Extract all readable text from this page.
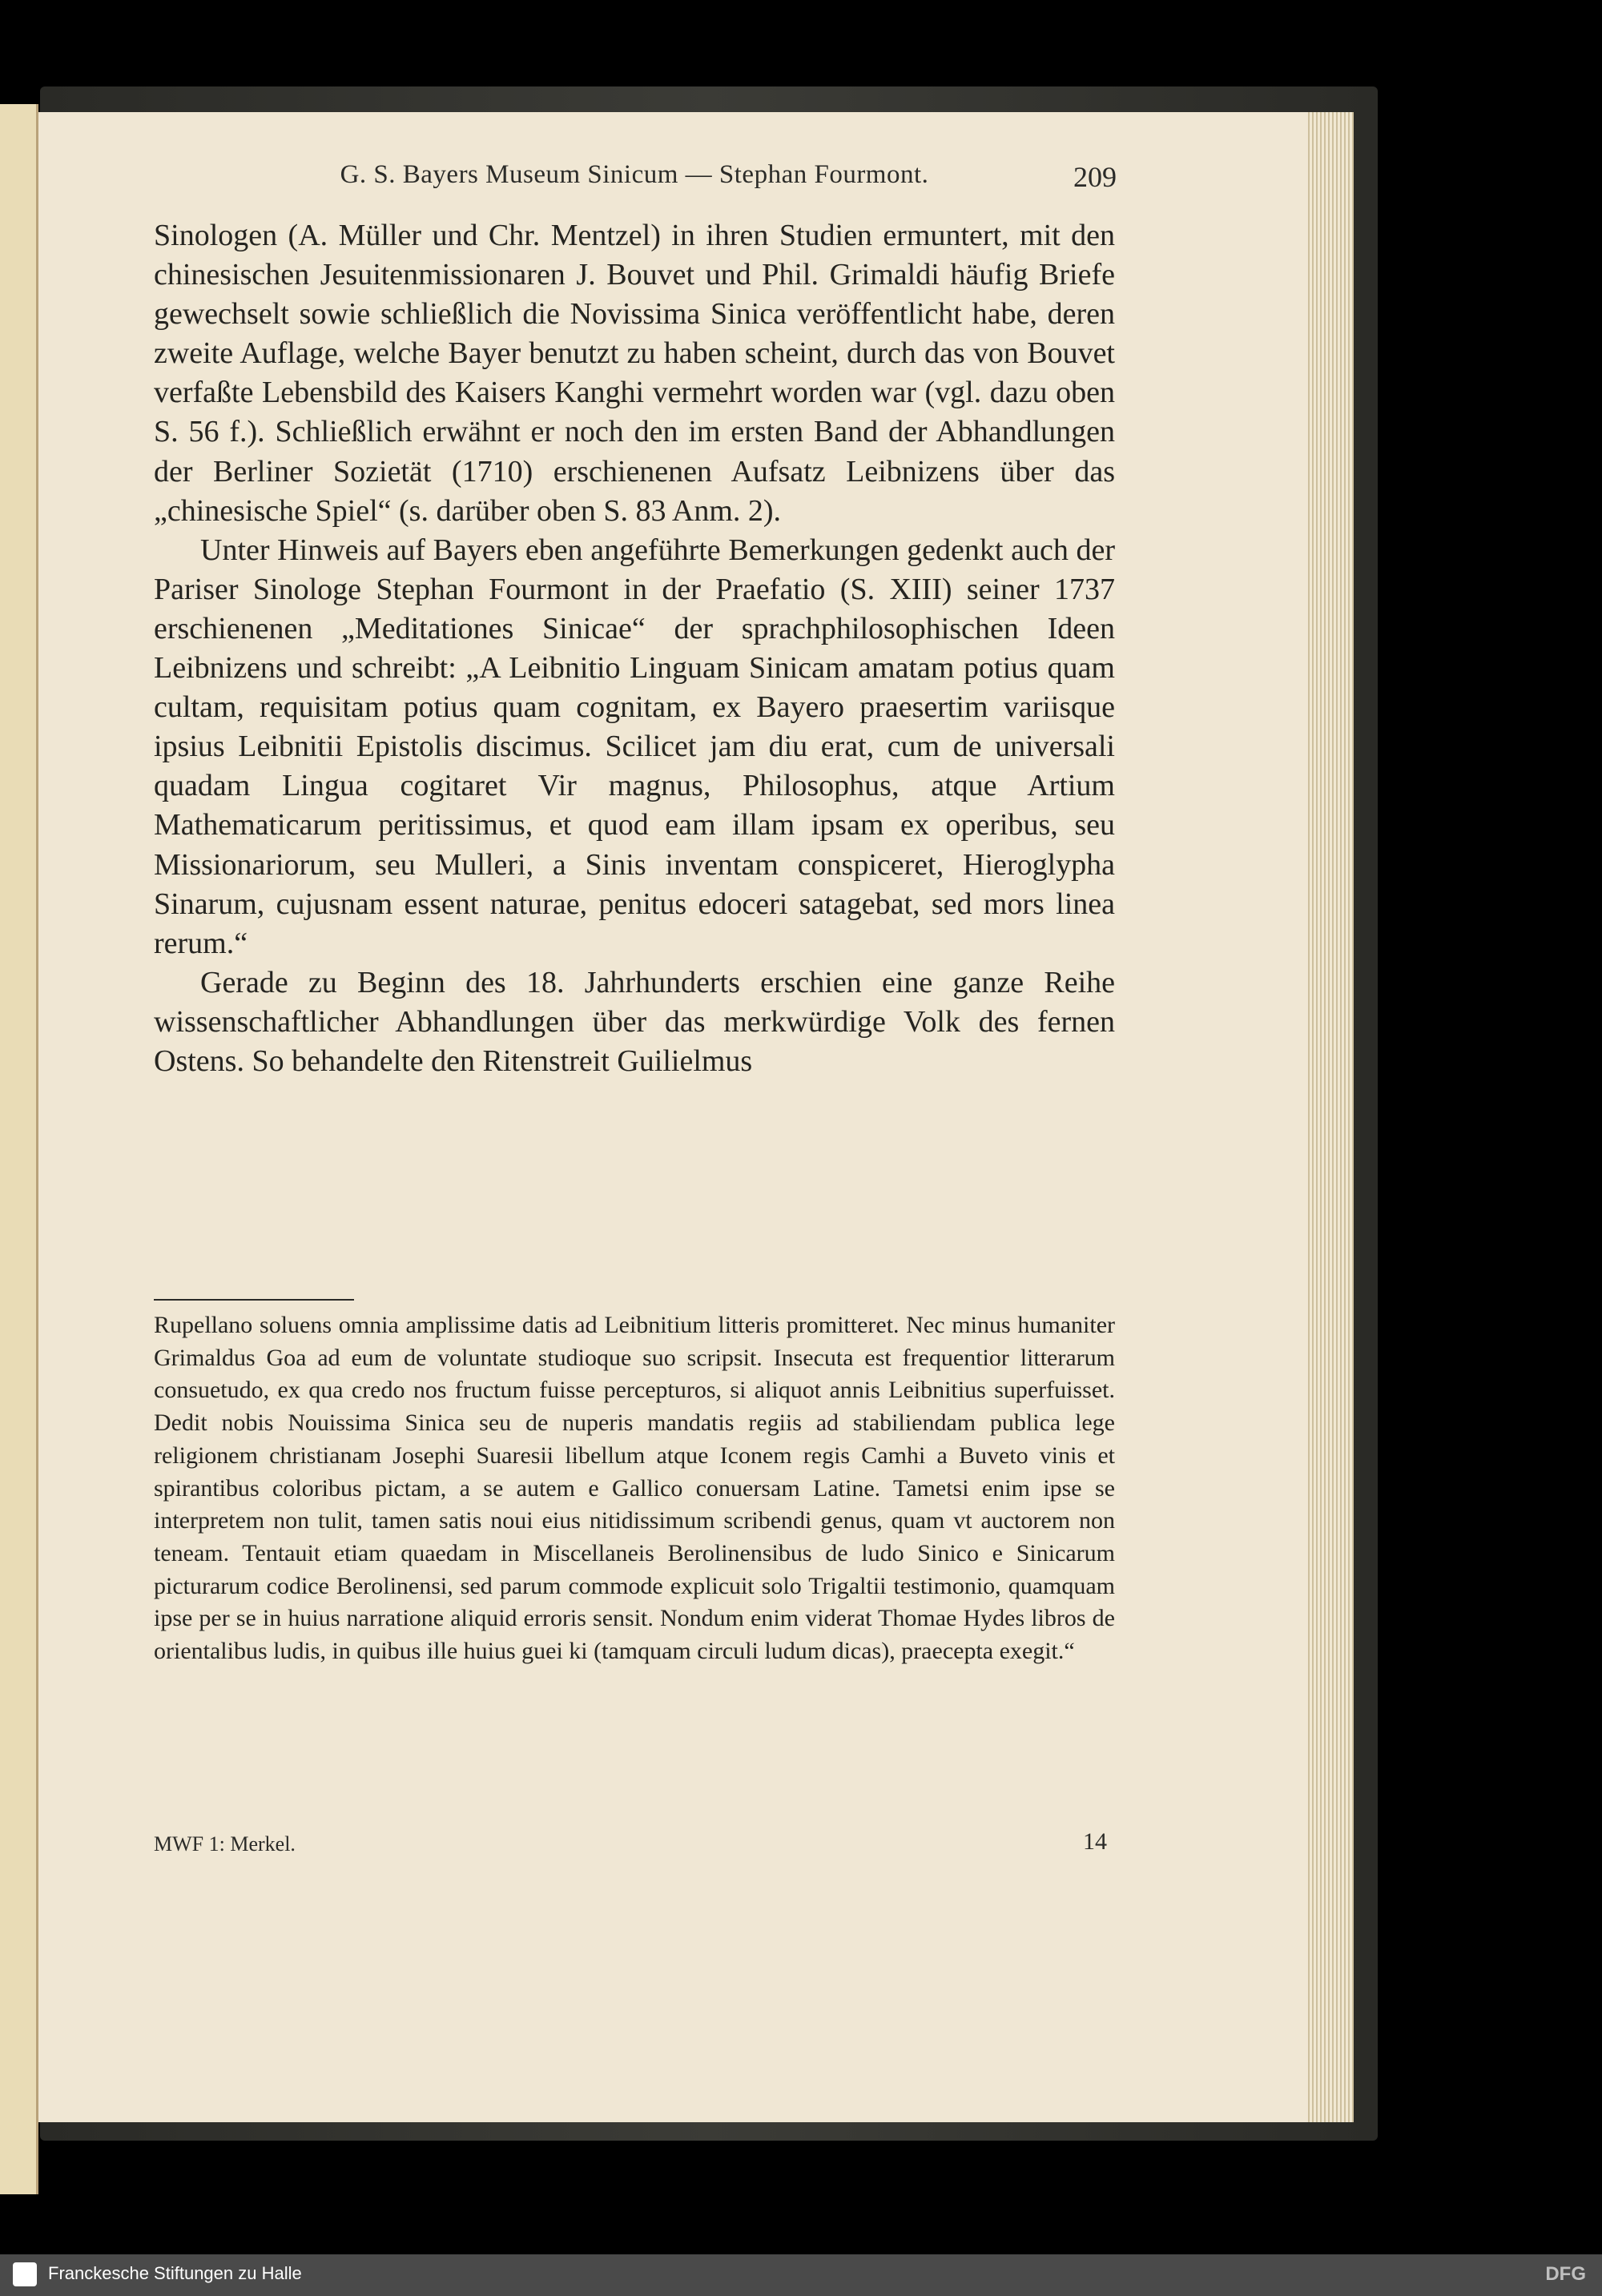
G. S. Bayers Museum Sinicum — Stephan Fourmont.	209

Sinologen (A. Müller und Chr. Mentzel) in ihren Studien ermuntert, mit den chinesischen Jesuitenmissionaren J. Bouvet und Phil. Grimaldi häufig Briefe gewechselt sowie schließlich die Novissima Sinica veröffentlicht habe, deren zweite Auflage, welche Bayer benutzt zu haben scheint, durch das von Bouvet verfaßte Lebensbild des Kaisers Kanghi vermehrt worden war (vgl. dazu oben S. 56 f.). Schließlich erwähnt er noch den im ersten Band der Abhandlungen der Berliner Sozietät (1710) erschienenen Aufsatz Leibnizens über das „chinesische Spiel“ (s. darüber oben S. 83 Anm. 2).

Unter Hinweis auf Bayers eben angeführte Bemerkungen gedenkt auch der Pariser Sinologe Stephan Fourmont in der Praefatio (S. XIII) seiner 1737 erschienenen „Meditationes Sinicae“ der sprachphilosophischen Ideen Leibnizens und schreibt: „A Leibnitio Linguam Sinicam amatam potius quam cultam, requisitam potius quam cognitam, ex Bayero praesertim variisque ipsius Leibnitii Epistolis discimus. Scilicet jam diu erat, cum de universali quadam Lingua cogitaret Vir magnus, Philosophus, atque Artium Mathematicarum peritissimus, et quod eam illam ipsam ex operibus, seu Missionariorum, seu Mulleri, a Sinis inventam conspiceret, Hieroglypha Sinarum, cujusnam essent naturae, penitus edoceri satagebat, sed mors linea rerum.“

Gerade zu Beginn des 18. Jahrhunderts erschien eine ganze Reihe wissenschaftlicher Abhandlungen über das merkwürdige Volk des fernen Ostens. So behandelte den Ritenstreit Guilielmus

Rupellano soluens omnia amplissime datis ad Leibnitium litteris promitteret. Nec minus humaniter Grimaldus Goa ad eum de voluntate studioque suo scripsit. Insecuta est frequentior litterarum consuetudo, ex qua credo nos fructum fuisse percepturos, si aliquot annis Leibnitius superfuisset. Dedit nobis Nouissima Sinica seu de nuperis mandatis regiis ad stabiliendam publica lege religionem christianam Josephi Suaresii libellum atque Iconem regis Camhi a Buveto vinis et spirantibus coloribus pictam, a se autem e Gallico conuersam Latine. Tametsi enim ipse se interpretem non tulit, tamen satis noui eius nitidissimum scribendi genus, quam vt auctorem non teneam. Tentauit etiam quaedam in Miscellaneis Berolinensibus de ludo Sinico e Sinicarum picturarum codice Berolinensi, sed parum commode explicuit solo Trigaltii testimonio, quamquam ipse per se in huius narratione aliquid erroris sensit. Nondum enim viderat Thomae Hydes libros de orientalibus ludis, in quibus ille huius guei ki (tamquam circuli ludum dicas), praecepta exegit.“
MWF 1: Merkel.	14
Franckesche Stiftungen zu Halle	DFG
